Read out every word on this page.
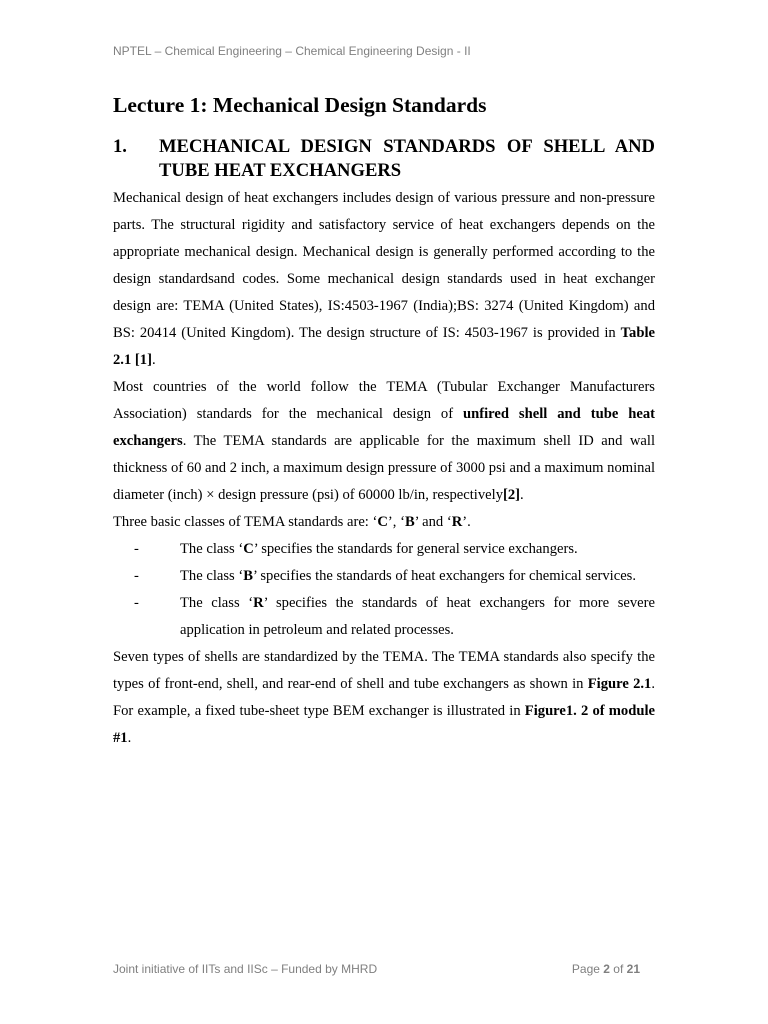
NPTEL – Chemical Engineering – Chemical Engineering Design - II
Lecture 1: Mechanical Design Standards
1.	MECHANICAL DESIGN STANDARDS OF SHELL AND TUBE HEAT EXCHANGERS

Mechanical design of heat exchangers includes design of various pressure and non-pressure parts. The structural rigidity and satisfactory service of heat exchangers depends on the appropriate mechanical design. Mechanical design is generally performed according to the design standardsand codes. Some mechanical design standards used in heat exchanger design are: TEMA (United States), IS:4503-1967 (India);BS: 3274 (United Kingdom) and BS: 20414 (United Kingdom). The design structure of IS: 4503-1967 is provided in Table 2.1 [1].

Most countries of the world follow the TEMA (Tubular Exchanger Manufacturers Association) standards for the mechanical design of unfired shell and tube heat exchangers. The TEMA standards are applicable for the maximum shell ID and wall thickness of 60 and 2 inch, a maximum design pressure of 3000 psi and a maximum nominal diameter (inch) × design pressure (psi) of 60000 lb/in, respectively[2].

Three basic classes of TEMA standards are: ‘C’, ‘B’ and ‘R’.

-	The class ‘C’ specifies the standards for general service exchangers.
-	The class ‘B’ specifies the standards of heat exchangers for chemical services.
-	The class ‘R’ specifies the standards of heat exchangers for more severe application in petroleum and related processes.

Seven types of shells are standardized by the TEMA. The TEMA standards also specify the types of front-end, shell, and rear-end of shell and tube exchangers as shown in Figure 2.1. For example, a fixed tube-sheet type BEM exchanger is illustrated in Figure1. 2 of module #1.

Joint initiative of IITs and IISc – Funded by MHRD	Page 2 of 21
